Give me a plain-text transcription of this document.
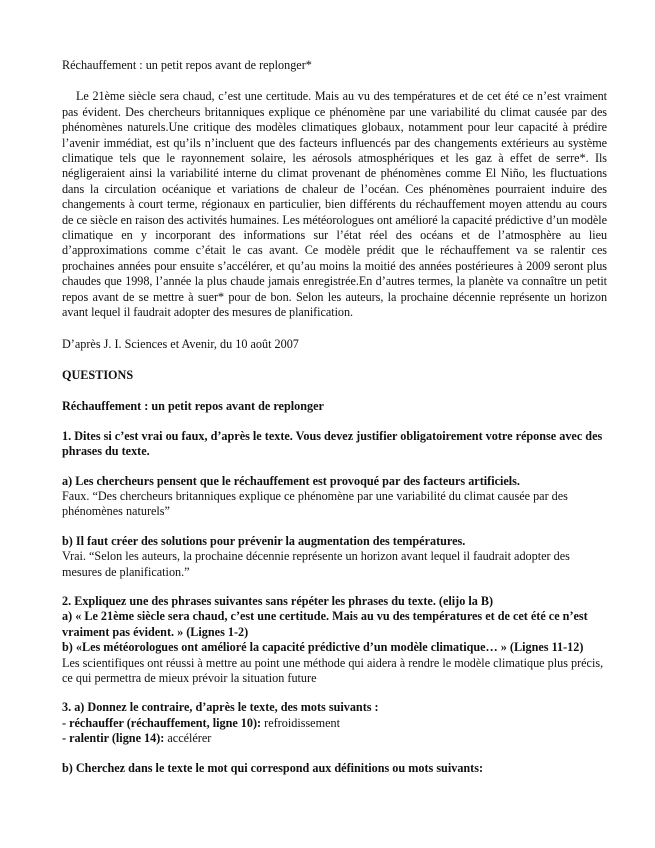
Réchauffement : un petit repos avant de replonger*

Le 21ème siècle sera chaud, c’est une certitude. Mais au vu des températures et de cet été ce n’est vraiment pas évident. Des chercheurs britanniques explique ce phénomène par une variabilité du climat causée par des phénomènes naturels.Une critique des modèles climatiques globaux, notamment pour leur capacité à prédire l’avenir immédiat, est qu’ils n’incluent que des facteurs influencés par des changements extérieurs au système climatique tels que le rayonnement solaire, les aérosols atmosphériques et les gaz à effet de serre*. Ils négligeraient ainsi la variabilité interne du climat provenant de phénomènes comme El Niño, les fluctuations dans la circulation océanique et variations de chaleur de l’océan. Ces phénomènes pourraient induire des changements à court terme, régionaux en particulier, bien différents du réchauffement moyen attendu au cours de ce siècle en raison des activités humaines. Les météorologues ont amélioré la capacité prédictive d’un modèle climatique en y incorporant des informations sur l’état réel des océans et de l’atmosphère au lieu d’approximations comme c’était le cas avant. Ce modèle prédit que le réchauffement va se ralentir ces prochaines années pour ensuite s’accélérer, et qu’au moins la moitié des années postérieures à 2009 seront plus chaudes que 1998, l’année la plus chaude jamais enregistrée.En d’autres termes, la planète va connaître un petit repos avant de se mettre à suer* pour de bon. Selon les auteurs, la prochaine décennie représente un horizon avant lequel il faudrait adopter des mesures de planification.

D’après J. I. Sciences et Avenir, du 10 août 2007

QUESTIONS

Réchauffement : un petit repos avant de replonger

1. Dites si c’est vrai ou faux, d’après le texte. Vous devez justifier obligatoirement votre réponse avec des phrases du texte.

a) Les chercheurs pensent que le réchauffement est provoqué par des facteurs artificiels.

Faux. “Des chercheurs britanniques explique ce phénomène par une variabilité du climat causée par des phénomènes naturels”

b) Il faut créer des solutions pour prévenir la augmentation des températures.

Vrai. “Selon les auteurs, la prochaine décennie représente un horizon avant lequel il faudrait adopter des mesures de planification.”

2. Expliquez une des phrases suivantes sans répéter les phrases du texte. (elijo la B)

a) « Le 21ème siècle sera chaud, c’est une certitude. Mais au vu des températures et de cet été ce n’est vraiment pas évident. » (Lignes 1-2)

b) «Les météorologues ont amélioré la capacité prédictive d’un modèle climatique… » (Lignes 11-12)

Les scientifiques ont réussi à mettre au point une méthode qui aidera à rendre le modèle climatique plus précis, ce qui permettra de mieux prévoir la situation future

3. a) Donnez le contraire, d’après le texte, des mots suivants :

- réchauffer (réchauffement, ligne 10): refroidissement

- ralentir (ligne 14): accélérer

b) Cherchez dans le texte le mot qui correspond aux définitions ou mots suivants:
